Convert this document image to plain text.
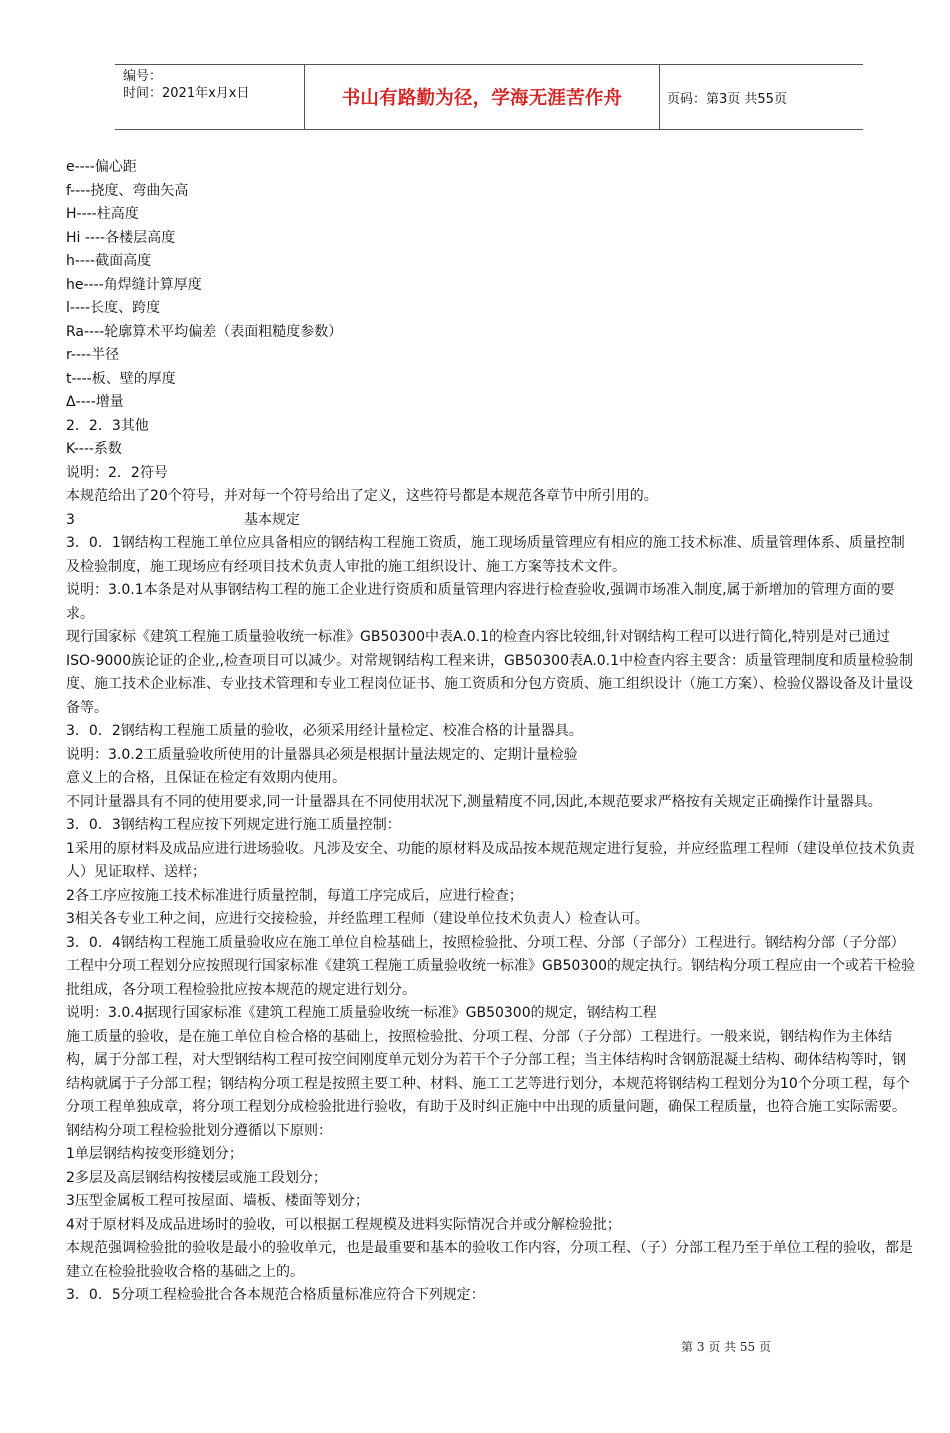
编号：
时间：2021年x月x日	书山有路勤为径，学海无涯苦作舟	页码：第3页 共55页
e----偏心距
f----挠度、弯曲矢高
H----柱高度
Hi ----各楼层高度
h----截面高度
he----角焊缝计算厚度
l----长度、跨度
Ra----轮廓算术平均偏差（表面粗糙度参数）
r----半径
t----板、壁的厚度
Δ----增量
2．2．3其他
K----系数
说明：2．2符号
本规范给出了20个符号，并对每一个符号给出了定义，这些符号都是本规范各章节中所引用的。
3	基本规定
3．0．1钢结构工程施工单位应具备相应的钢结构工程施工资质，施工现场质量管理应有相应的施工技术标准、质量管理体系、质量控制及检验制度，施工现场应有经项目技术负责人审批的施工组织设计、施工方案等技术文件。
说明：3.0.1本条是对从事钢结构工程的施工企业进行资质和质量管理内容进行检查验收,强调市场准入制度,属于新增加的管理方面的要求。
现行国家标《建筑工程施工质量验收统一标准》GB50300中表A.0.1的检查内容比较细,针对钢结构工程可以进行简化,特别是对已通过ISO-9000族论证的企业,,检查项目可以减少。对常规钢结构工程来讲，GB50300表A.0.1中检查内容主要含：质量管理制度和质量检验制度、施工技术企业标准、专业技术管理和专业工程岗位证书、施工资质和分包方资质、施工组织设计（施工方案）、检验仪器设备及计量设备等。
3．0．2钢结构工程施工质量的验收，必须采用经计量检定、校准合格的计量器具。
说明：3.0.2工质量验收所使用的计量器具必须是根据计量法规定的、定期计量检验
意义上的合格，且保证在检定有效期内使用。
不同计量器具有不同的使用要求,同一计量器具在不同使用状况下,测量精度不同,因此,本规范要求严格按有关规定正确操作计量器具。
3．0．3钢结构工程应按下列规定进行施工质量控制：
1采用的原材料及成品应进行进场验收。凡涉及安全、功能的原材料及成品按本规范规定进行复验，并应经监理工程师（建设单位技术负责人）见证取样、送样；
2各工序应按施工技术标准进行质量控制，每道工序完成后，应进行检查；
3相关各专业工种之间，应进行交接检验，并经监理工程师（建设单位技术负责人）检查认可。
3．0．4钢结构工程施工质量验收应在施工单位自检基础上，按照检验批、分项工程、分部（子部分）工程进行。钢结构分部（子分部）工程中分项工程划分应按照现行国家标准《建筑工程施工质量验收统一标准》GB50300的规定执行。钢结构分项工程应由一个或若干检验批组成，各分项工程检验批应按本规范的规定进行划分。
说明：3.0.4据现行国家标准《建筑工程施工质量验收统一标准》GB50300的规定，钢结构工程
施工质量的验收，是在施工单位自检合格的基础上，按照检验批、分项工程、分部（子分部）工程进行。一般来说，钢结构作为主体结构，属于分部工程，对大型钢结构工程可按空间刚度单元划分为若干个子分部工程；当主体结构时含钢筋混凝土结构、砌体结构等时，钢结构就属于子分部工程；钢结构分项工程是按照主要工种、材料、施工工艺等进行划分，本规范将钢结构工程划分为10个分项工程，每个分项工程单独成章，将分项工程划分成检验批进行验收，有助于及时纠正施中中出现的质量问题，确保工程质量，也符合施工实际需要。钢结构分项工程检验批划分遵循以下原则：
1单层钢结构按变形缝划分；
2多层及高层钢结构按楼层或施工段划分；
3压型金属板工程可按屋面、墙板、楼面等划分；
4对于原材料及成品进场时的验收，可以根据工程规模及进料实际情况合并或分解检验批；
本规范强调检验批的验收是最小的验收单元，也是最重要和基本的验收工作内容，分项工程、（子）分部工程乃至于单位工程的验收，都是建立在检验批验收合格的基础之上的。
3．0．5分项工程检验批合各本规范合格质量标准应符合下列规定：
第 3 页 共 55 页
